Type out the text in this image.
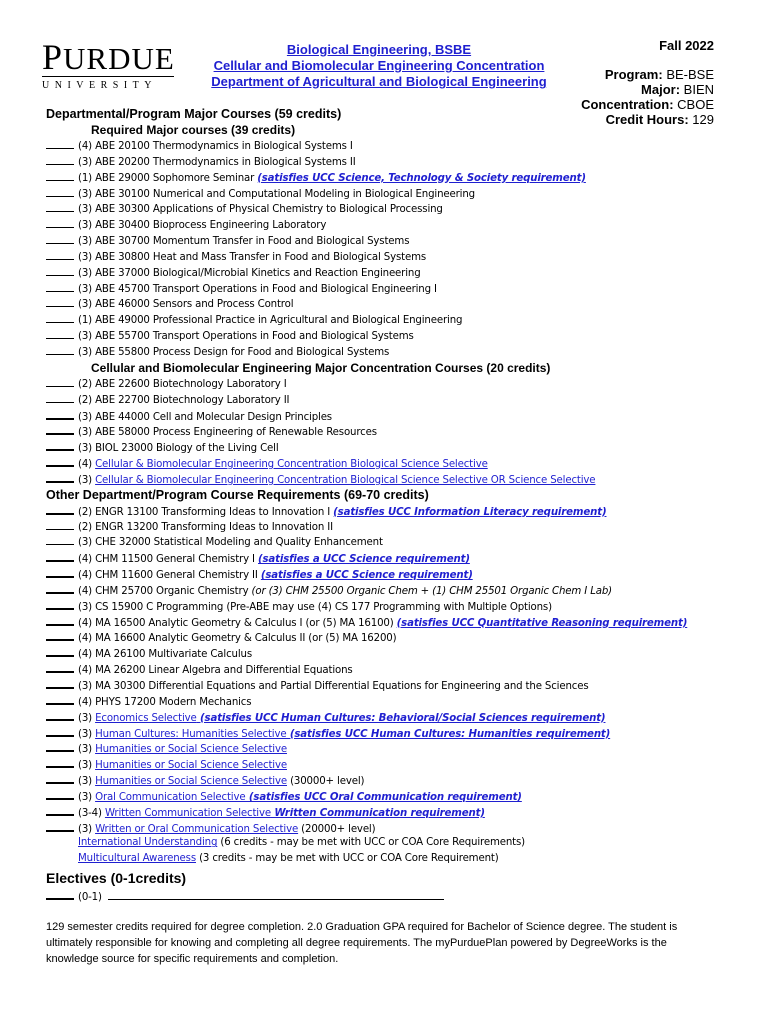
PURDUE
UNIVERSITY
Biological Engineering, BSBE
Cellular and Biomolecular Engineering Concentration
Department of Agricultural and Biological Engineering
Fall 2022
Program: BE-BSE
Major: BIEN
Concentration: CBOE
Credit Hours: 129
Departmental/Program Major Courses (59 credits)
Required Major courses (39 credits)
(4) ABE 20100 Thermodynamics in Biological Systems I
(3) ABE 20200 Thermodynamics in Biological Systems II
(1) ABE 29000 Sophomore Seminar (satisfies UCC Science, Technology & Society requirement)
(3) ABE 30100 Numerical and Computational Modeling in Biological Engineering
(3) ABE 30300 Applications of Physical Chemistry to Biological Processing
(3) ABE 30400 Bioprocess Engineering Laboratory
(3) ABE 30700 Momentum Transfer in Food and Biological Systems
(3) ABE 30800 Heat and Mass Transfer in Food and Biological Systems
(3) ABE 37000 Biological/Microbial Kinetics and Reaction Engineering
(3) ABE 45700 Transport Operations in Food and Biological Engineering I
(3) ABE 46000 Sensors and Process Control
(1) ABE 49000 Professional Practice in Agricultural and Biological Engineering
(3) ABE 55700 Transport Operations in Food and Biological Systems
(3) ABE 55800 Process Design for Food and Biological Systems
Cellular and Biomolecular Engineering Major Concentration Courses (20 credits)
(2) ABE 22600 Biotechnology Laboratory I
(2) ABE 22700 Biotechnology Laboratory II
(3) ABE 44000 Cell and Molecular Design Principles
(3) ABE 58000 Process Engineering of Renewable Resources
(3) BIOL 23000 Biology of the Living Cell
(4) Cellular & Biomolecular Engineering Concentration Biological Science Selective
(3) Cellular & Biomolecular Engineering Concentration Biological Science Selective OR Science Selective
Other Department/Program Course Requirements (69-70 credits)
(2) ENGR 13100 Transforming Ideas to Innovation I (satisfies UCC Information Literacy requirement)
(2) ENGR 13200 Transforming Ideas to Innovation II
(3) CHE 32000 Statistical Modeling and Quality Enhancement
(4) CHM 11500 General Chemistry I (satisfies a UCC Science requirement)
(4) CHM 11600 General Chemistry II (satisfies a UCC Science requirement)
(4) CHM 25700 Organic Chemistry (or (3) CHM 25500 Organic Chem + (1) CHM 25501 Organic Chem I Lab)
(3) CS 15900 C Programming (Pre-ABE may use (4) CS 177 Programming with Multiple Options)
(4) MA 16500 Analytic Geometry & Calculus I (or (5) MA 16100) (satisfies UCC Quantitative Reasoning requirement)
(4) MA 16600 Analytic Geometry & Calculus II (or (5) MA 16200)
(4) MA 26100 Multivariate Calculus
(4) MA 26200 Linear Algebra and Differential Equations
(3) MA 30300 Differential Equations and Partial Differential Equations for Engineering and the Sciences
(4) PHYS 17200 Modern Mechanics
(3) Economics Selective (satisfies UCC Human Cultures: Behavioral/Social Sciences requirement)
(3) Human Cultures: Humanities Selective (satisfies UCC Human Cultures: Humanities requirement)
(3) Humanities or Social Science Selective
(3) Humanities or Social Science Selective
(3) Humanities or Social Science Selective (30000+ level)
(3) Oral Communication Selective (satisfies UCC Oral Communication requirement)
(3-4) Written Communication Selective Written Communication requirement)
(3) Written or Oral Communication Selective (20000+ level)
International Understanding (6 credits - may be met with UCC or COA Core Requirements)
Multicultural Awareness (3 credits - may be met with UCC or COA Core Requirement)
Electives (0-1credits)
(0-1)
129 semester credits required for degree completion. 2.0 Graduation GPA required for Bachelor of Science degree. The student is ultimately responsible for knowing and completing all degree requirements. The myPurduePlan powered by DegreeWorks is the knowledge source for specific requirements and completion.
